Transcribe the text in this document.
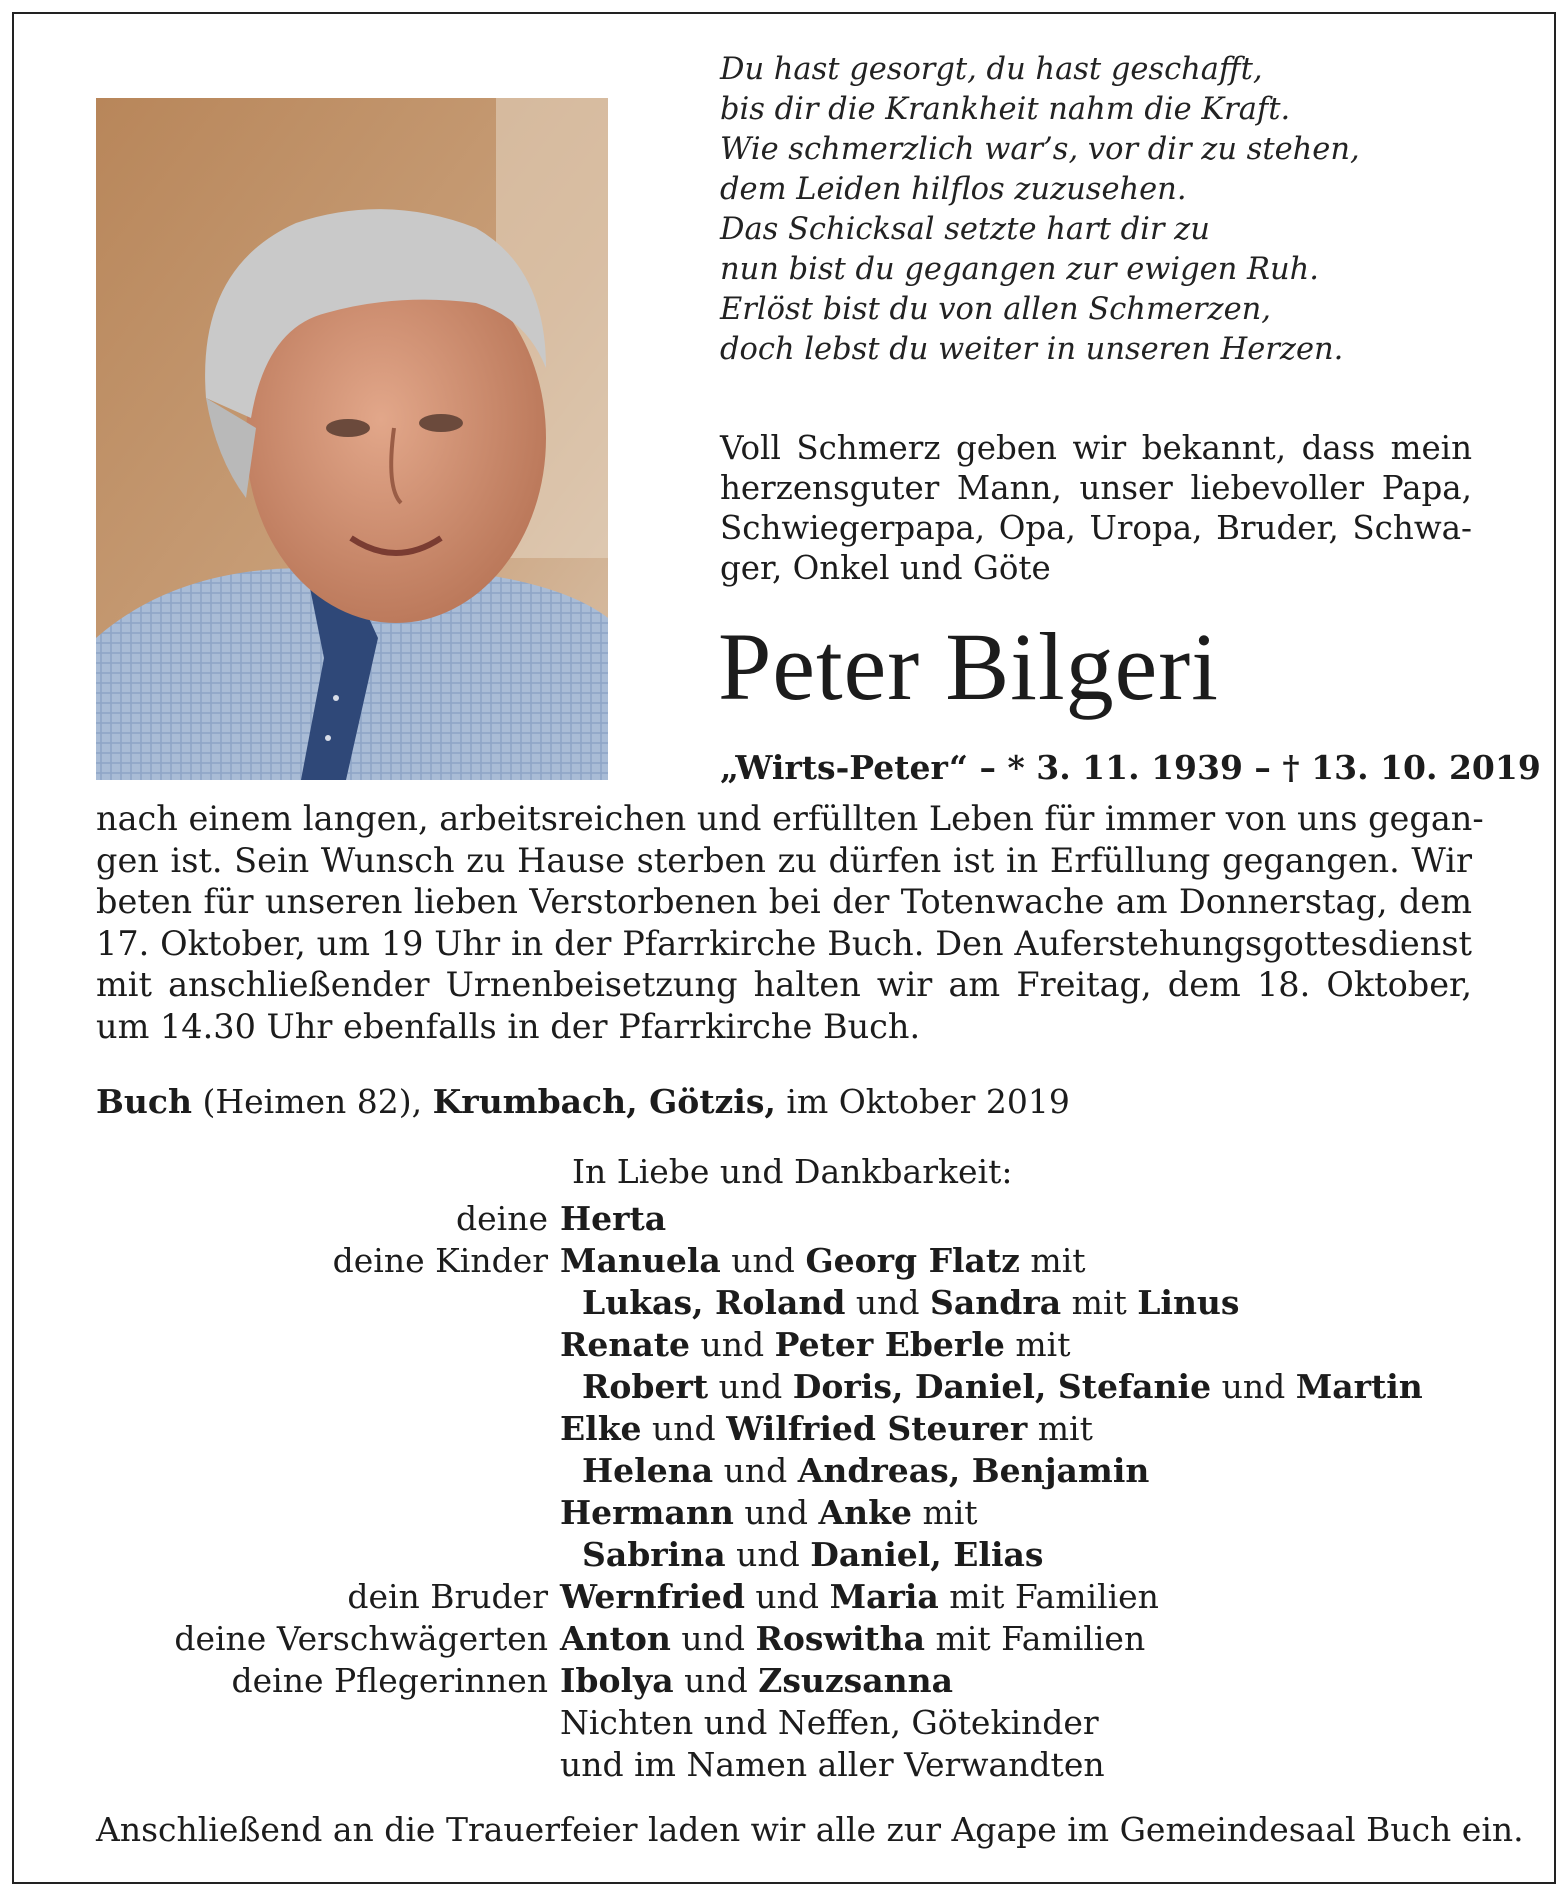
Du hast gesorgt, du hast geschafft,
bis dir die Krankheit nahm die Kraft.
Wie schmerzlich war’s, vor dir zu stehen,
dem Leiden hilflos zuzusehen.
Das Schicksal setzte hart dir zu
nun bist du gegangen zur ewigen Ruh.
Erlöst bist du von allen Schmerzen,
doch lebst du weiter in unseren Herzen.
Voll Schmerz geben wir bekannt, dass mein
herzensguter Mann, unser liebevoller Papa,
Schwiegerpapa, Opa, Uropa, Bruder, Schwa-
ger, Onkel und Göte
Peter Bilgeri
„Wirts-Peter“ – * 3. 11. 1939 – † 13. 10. 2019
nach einem langen, arbeitsreichen und erfüllten Leben für immer von uns gegan-
gen ist. Sein Wunsch zu Hause sterben zu dürfen ist in Erfüllung gegangen. Wir
beten für unseren lieben Verstorbenen bei der Totenwache am Donnerstag, dem
17. Oktober, um 19 Uhr in der Pfarrkirche Buch. Den Auferstehungsgottesdienst
mit anschließender Urnenbeisetzung halten wir am Freitag, dem 18. Oktober,
um 14.30 Uhr ebenfalls in der Pfarrkirche Buch.
Buch (Heimen 82), Krumbach, Götzis, im Oktober 2019
In Liebe und Dankbarkeit:
deine Herta
deine Kinder Manuela und Georg Flatz mit
Lukas, Roland und Sandra mit Linus
Renate und Peter Eberle mit
Robert und Doris, Daniel, Stefanie und Martin
Elke und Wilfried Steurer mit
Helena und Andreas, Benjamin
Hermann und Anke mit
Sabrina und Daniel, Elias
dein Bruder Wernfried und Maria mit Familien
deine Verschwägerten Anton und Roswitha mit Familien
deine Pflegerinnen Ibolya und Zsuzsanna
Nichten und Neffen, Götekinder
und im Namen aller Verwandten
Anschließend an die Trauerfeier laden wir alle zur Agape im Gemeindesaal Buch ein.
